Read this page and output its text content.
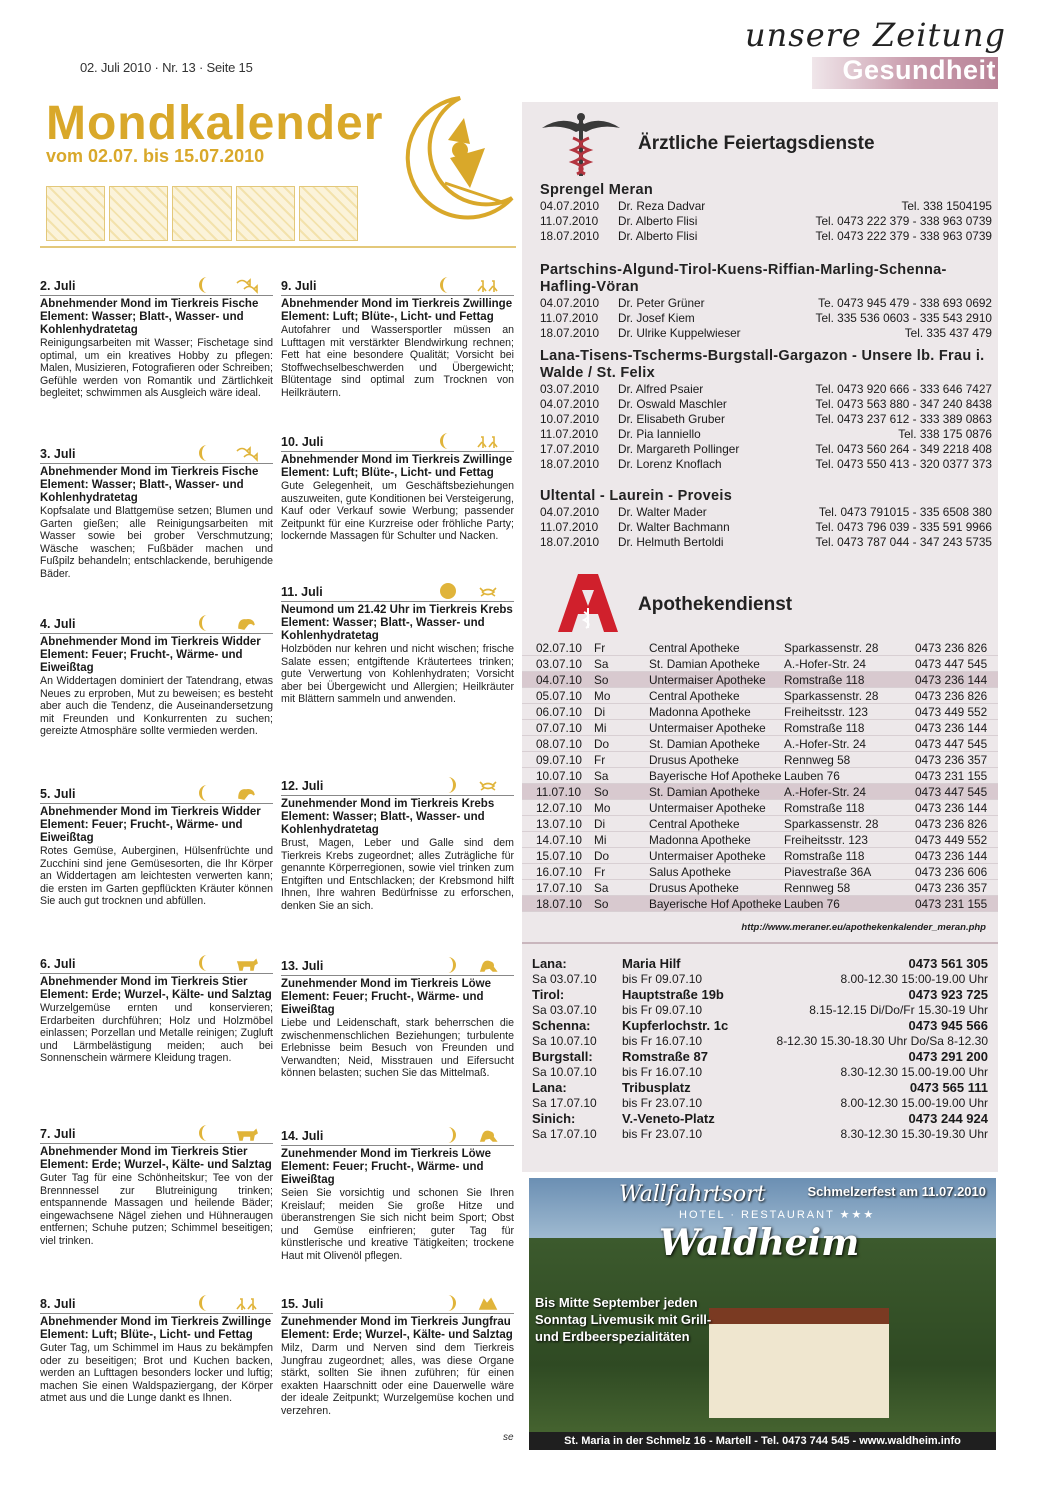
02. Juli 2010 · Nr. 13 · Seite 15
unsere Zeitung
Gesundheit
Mondkalender
vom 02.07. bis 15.07.2010
2. Juli
Abnehmender Mond im Tierkreis Fische
Element: Wasser; Blatt-, Wasser- und Kohlenhydratetag
Reinigungsarbeiten mit Wasser; Fischetage sind optimal, um ein kreatives Hobby zu pflegen: Malen, Musizieren, Fotografieren oder Schreiben; Gefühle werden von Romantik und Zärtlichkeit begleitet; schwimmen als Ausgleich wäre ideal.
3. Juli
Abnehmender Mond im Tierkreis Fische
Element: Wasser; Blatt-, Wasser- und Kohlenhydratetag
Kopfsalate und Blattgemüse setzen; Blumen und Garten gießen; alle Reinigungsarbeiten mit Wasser sowie bei grober Verschmutzung; Wäsche waschen; Fußbäder machen und Fußpilz behandeln; entschlackende, beruhigende Bäder.
4. Juli
Abnehmender Mond im Tierkreis Widder
Element: Feuer; Frucht-, Wärme- und Eiweißtag
An Widdertagen dominiert der Tatendrang, etwas Neues zu erproben, Mut zu beweisen; es besteht aber auch die Tendenz, die Auseinandersetzung mit Freunden und Konkurrenten zu suchen; gereizte Atmosphäre sollte vermieden werden.
5. Juli
Abnehmender Mond im Tierkreis Widder
Element: Feuer; Frucht-, Wärme- und Eiweißtag
Rotes Gemüse, Auberginen, Hülsenfrüchte und Zucchini sind jene Gemüsesorten, die Ihr Körper an Widdertagen am leichtesten verwerten kann; die ersten im Garten gepflückten Kräuter können Sie auch gut trocknen und abfüllen.
6. Juli
Abnehmender Mond im Tierkreis Stier
Element: Erde; Wurzel-, Kälte- und Salztag
Wurzelgemüse ernten und konservieren; Erdarbeiten durchführen; Holz und Holzmöbel einlassen; Porzellan und Metalle reinigen; Zugluft und Lärmbelästigung meiden; auch bei Sonnenschein wärmere Kleidung tragen.
7. Juli
Abnehmender Mond im Tierkreis Stier
Element: Erde; Wurzel-, Kälte- und Salztag
Guter Tag für eine Schönheitskur; Tee von der Brennnessel zur Blutreinigung trinken; entspannende Massagen und heilende Bäder; eingewachsene Nägel ziehen und Hühneraugen entfernen; Schuhe putzen; Schimmel beseitigen; viel trinken.
8. Juli
Abnehmender Mond im Tierkreis Zwillinge
Element: Luft; Blüte-, Licht- und Fettag
Guter Tag, um Schimmel im Haus zu bekämpfen oder zu beseitigen; Brot und Kuchen backen, werden an Lufttagen besonders locker und luftig; machen Sie einen Waldspaziergang, der Körper atmet aus und die Lunge dankt es Ihnen.
9. Juli
Abnehmender Mond im Tierkreis Zwillinge
Element: Luft; Blüte-, Licht- und Fettag
Autofahrer und Wassersportler müssen an Lufttagen mit verstärkter Blendwirkung rechnen; Fett hat eine besondere Qualität; Vorsicht bei Stoffwechselbeschwerden und Übergewicht; Blütentage sind optimal zum Trocknen von Heilkräutern.
10. Juli
Abnehmender Mond im Tierkreis Zwillinge
Element: Luft; Blüte-, Licht- und Fettag
Gute Gelegenheit, um Geschäftsbeziehungen auszuweiten, gute Konditionen bei Versteigerung, Kauf oder Verkauf sowie Werbung; passender Zeitpunkt für eine Kurzreise oder fröhliche Party; lockernde Massagen für Schulter und Nacken.
11. Juli
Neumond um 21.42 Uhr im Tierkreis Krebs
Element: Wasser; Blatt-, Wasser- und Kohlenhydratetag
Holzböden nur kehren und nicht wischen; frische Salate essen; entgiftende Kräutertees trinken; gute Verwertung von Kohlenhydraten; Vorsicht aber bei Übergewicht und Allergien; Heilkräuter mit Blättern sammeln und anwenden.
12. Juli
Zunehmender Mond im Tierkreis Krebs
Element: Wasser; Blatt-, Wasser- und Kohlenhydratetag
Brust, Magen, Leber und Galle sind dem Tierkreis Krebs zugeordnet; alles Zuträgliche für genannte Körperregionen, sowie viel trinken zum Entgiften und Entschlacken; der Krebsmond hilft Ihnen, Ihre wahren Bedürfnisse zu erforschen, denken Sie an sich.
13. Juli
Zunehmender Mond im Tierkreis Löwe
Element: Feuer; Frucht-, Wärme- und Eiweißtag
Liebe und Leidenschaft, stark beherrschen die zwischenmenschlichen Beziehungen; turbulente Erlebnisse beim Besuch von Freunden und Verwandten; Neid, Misstrauen und Eifersucht können belasten; suchen Sie das Mittelmaß.
14. Juli
Zunehmender Mond im Tierkreis Löwe
Element: Feuer; Frucht-, Wärme- und Eiweißtag
Seien Sie vorsichtig und schonen Sie Ihren Kreislauf; meiden Sie große Hitze und überanstrengen Sie sich nicht beim Sport; Obst und Gemüse einfrieren; guter Tag für künstlerische und kreative Tätigkeiten; trockene Haut mit Olivenöl pflegen.
15. Juli
Zunehmender Mond im Tierkreis Jungfrau
Element: Erde; Wurzel-, Kälte- und Salztag
Milz, Darm und Nerven sind dem Tierkreis Jungfrau zugeordnet; alles, was diese Organe stärkt, sollten Sie ihnen zuführen; für einen exakten Haarschnitt oder eine Dauerwelle wäre der ideale Zeitpunkt; Wurzelgemüse kochen und verzehren.
se
Ärztliche Feiertagsdienste
Sprengel Meran
04.07.2010 Dr. Reza Dadvar	Tel. 338 1504195
11.07.2010 Dr. Alberto Flisi	Tel. 0473 222 379 - 338 963 0739
18.07.2010 Dr. Alberto Flisi	Tel. 0473 222 379 - 338 963 0739
Partschins-Algund-Tirol-Kuens-Riffian-Marling-Schenna-Hafling-Vöran
04.07.2010 Dr. Peter Grüner	Te. 0473 945 479 - 338 693 0692
11.07.2010 Dr. Josef Kiem	Tel. 335 536 0603 - 335 543 2910
18.07.2010 Dr. Ulrike Kuppelwieser	Tel. 335 437 479
Lana-Tisens-Tscherms-Burgstall-Gargazon - Unsere lb. Frau i. Walde / St. Felix
03.07.2010 Dr. Alfred Psaier	Tel. 0473 920 666 - 333 646 7427
04.07.2010 Dr. Oswald Maschler	Tel. 0473 563 880 - 347 240 8438
10.07.2010 Dr. Elisabeth Gruber	Tel. 0473 237 612 - 333 389 0863
11.07.2010 Dr. Pia Ianniello	Tel. 338 175 0876
17.07.2010 Dr. Margareth Pollinger	Tel. 0473 560 264 - 349 2218 408
18.07.2010 Dr. Lorenz Knoflach	Tel. 0473 550 413 - 320 0377 373
Ultental - Laurein - Proveis
04.07.2010 Dr. Walter Mader	Tel. 0473 791015 - 335 6508 380
11.07.2010 Dr. Walter Bachmann	Tel. 0473 796 039 - 335 591 9966
18.07.2010 Dr. Helmuth Bertoldi	Tel. 0473 787 044 - 347 243 5735
Apothekendienst
02.07.10 Fr	Central Apotheke	Sparkassenstr. 28	0473 236 826
03.07.10 Sa	St. Damian Apotheke A.-Hofer-Str. 24	0473 447 545
04.07.10 So	Untermaiser Apotheke Romstraße 118	0473 236 144
05.07.10 Mo	Central Apotheke	Sparkassenstr. 28	0473 236 826
06.07.10 Di	Madonna Apotheke	Freiheitsstr. 123	0473 449 552
07.07.10 Mi	Untermaiser Apotheke Romstraße 118	0473 236 144
08.07.10 Do	St. Damian Apotheke A.-Hofer-Str. 24	0473 447 545
09.07.10 Fr	Drusus Apotheke	Rennweg 58	0473 236 357
10.07.10 Sa	Bayerische Hof Apotheke Lauben 76	0473 231 155
11.07.10 So	St. Damian Apotheke A.-Hofer-Str. 24	0473 447 545
12.07.10 Mo	Untermaiser Apotheke Romstraße 118	0473 236 144
13.07.10 Di	Central Apotheke	Sparkassenstr. 28	0473 236 826
14.07.10 Mi	Madonna Apotheke	Freiheitsstr. 123	0473 449 552
15.07.10 Do	Untermaiser Apotheke Romstraße 118	0473 236 144
16.07.10 Fr	Salus Apotheke	Piavestraße 36A	0473 236 606
17.07.10 Sa	Drusus Apotheke	Rennweg 58	0473 236 357
18.07.10 So	Bayerische Hof Apotheke Lauben 76	0473 231 155
http://www.meraner.eu/apothekenkalender_meran.php
Lana:	Maria Hilf	0473 561 305
Sa 03.07.10 bis Fr 09.07.10	8.00-12.30 15:00-19.00 Uhr
Tirol:	Hauptstraße 19b	0473 923 725
Sa 03.07.10 bis Fr 09.07.10	8.15-12.15 Di/Do/Fr 15.30-19 Uhr
Schenna: Kupferlochstr. 1c	0473 945 566
Sa 10.07.10 bis Fr 16.07.10	8-12.30 15.30-18.30 Uhr Do/Sa 8-12.30
Burgstall: Romstraße 87	0473 291 200
Sa 10.07.10 bis Fr 16.07.10	8.30-12.30 15.00-19.00 Uhr
Lana:	Tribusplatz	0473 565 111
Sa 17.07.10 bis Fr 23.07.10	8.00-12.30 15.00-19.00 Uhr
Sinich:	V.-Veneto-Platz	0473 244 924
Sa 17.07.10 bis Fr 23.07.10	8.30-12.30 15.30-19.30 Uhr
Wallfahrtsort
HOTEL · RESTAURANT ★★★
Waldheim
Schmelzerfest am 11.07.2010
Bis Mitte September jeden Sonntag Livemusik mit Grill- und Erdbeerspezialitäten
St. Maria in der Schmelz 16 - Martell - Tel. 0473 744 545 - www.waldheim.info
